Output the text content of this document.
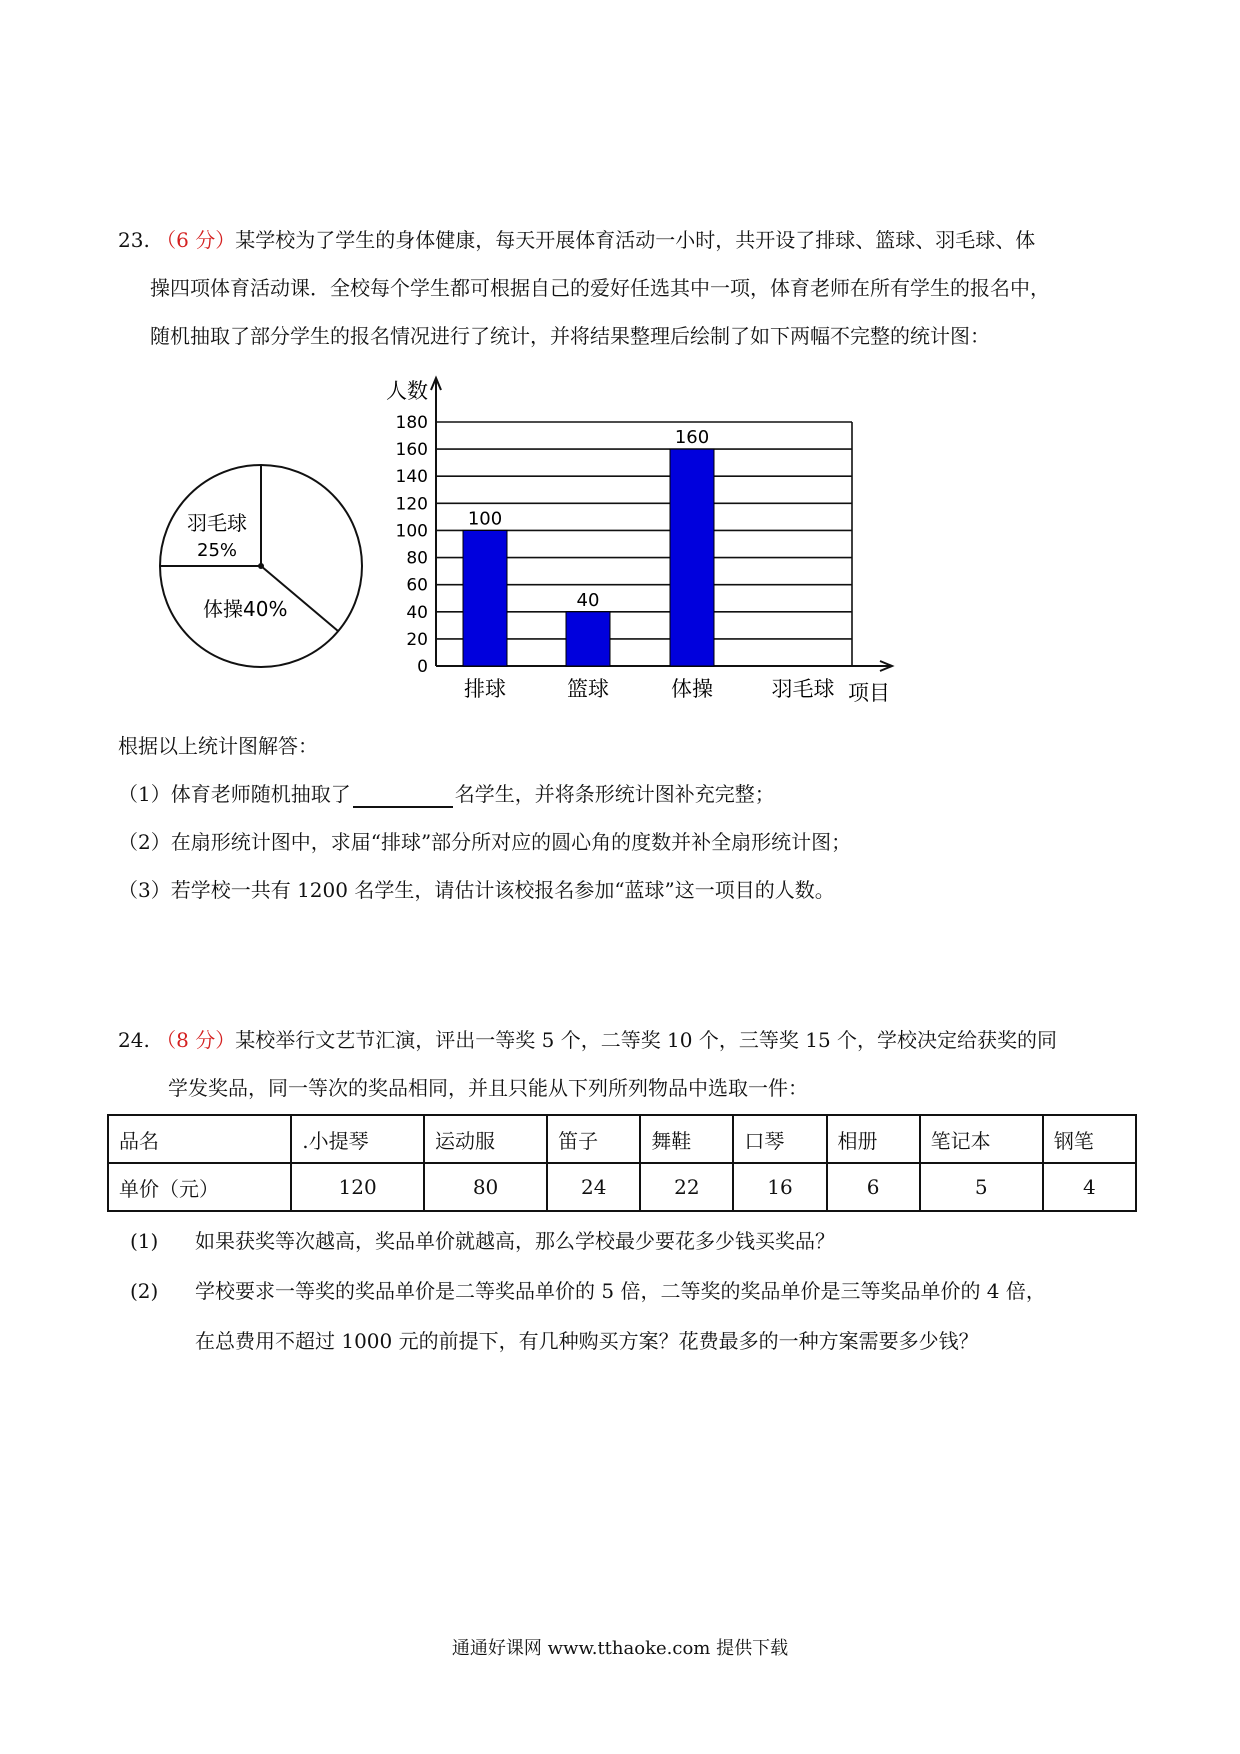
23. （6 分）某学校为了学生的身体健康，每天开展体育活动一小时，共开设了排球、篮球、羽毛球、体
操四项体育活动课．全校每个学生都可根据自己的爱好任选其中一项，体育老师在所有学生的报名中，
随机抽取了部分学生的报名情况进行了统计，并将结果整理后绘制了如下两幅不完整的统计图：
羽毛球
25%
体操40%
人数
项目
0
20
40
60
80
100
120
140
160
180
100
排球
40
篮球
160
体操	羽毛球
根据以上统计图解答：
（1）体育老师随机抽取了	名学生，并将条形统计图补充完整；
（2）在扇形统计图中，求届“排球”部分所对应的圆心角的度数并补全扇形统计图；
（3）若学校一共有 1200 名学生，请估计该校报名参加“蓝球”这一项目的人数。
24. （8 分）某校举行文艺节汇演，评出一等奖 5 个，二等奖 10 个，三等奖 15 个，学校决定给获奖的同
学发奖品，同一等次的奖品相同，并且只能从下列所列物品中选取一件：
品名	.小提琴	运动服	笛子	舞鞋	口琴	相册	笔记本	钢笔
单价（元）	120	80	24	22	16	6	5	4
(1) 如果获奖等次越高，奖品单价就越高，那么学校最少要花多少钱买奖品？
(2) 学校要求一等奖的奖品单价是二等奖品单价的 5 倍，二等奖的奖品单价是三等奖品单价的 4 倍，
在总费用不超过 1000 元的前提下，有几种购买方案？花费最多的一种方案需要多少钱？
通通好课网 www.tthaoke.com 提供下载
